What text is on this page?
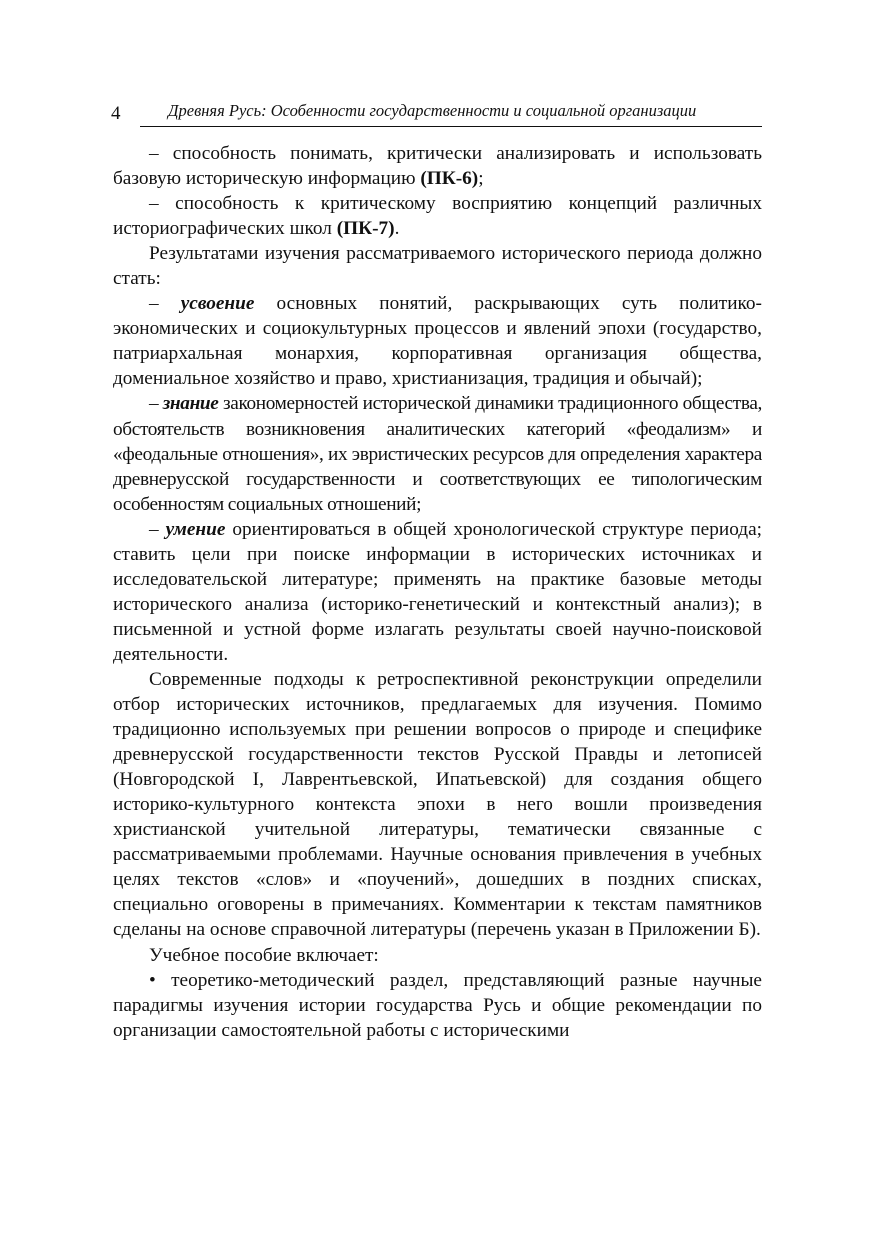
4	Древняя Русь: Особенности государственности и социальной организации

– способность понимать, критически анализировать и использовать базовую историческую информацию (ПК-6);

– способность к критическому восприятию концепций различных историографических школ (ПК-7).

Результатами изучения рассматриваемого исторического периода должно стать:

– усвоение основных понятий, раскрывающих суть политико-экономических и социокультурных процессов и явлений эпохи (государство, патриархальная монархия, корпоративная организация общества, домениальное хозяйство и право, христианизация, традиция и обычай);

– знание закономерностей исторической динамики традиционного общества, обстоятельств возникновения аналитических категорий «феодализм» и «феодальные отношения», их эвристических ресурсов для определения характера древнерусской государственности и соответствующих ее типологическим особенностям социальных отношений;

– умение ориентироваться в общей хронологической структуре периода; ставить цели при поиске информации в исторических источниках и исследовательской литературе; применять на практике базовые методы исторического анализа (историко-генетический и контекстный анализ); в письменной и устной форме излагать результаты своей научно-поисковой деятельности.

Современные подходы к ретроспективной реконструкции определили отбор исторических источников, предлагаемых для изучения. Помимо традиционно используемых при решении вопросов о природе и специфике древнерусской государственности текстов Русской Правды и летописей (Новгородской I, Лаврентьевской, Ипатьевской) для создания общего историко-культурного контекста эпохи в него вошли произведения христианской учительной литературы, тематически связанные с рассматриваемыми проблемами. Научные основания привлечения в учебных целях текстов «слов» и «поучений», дошедших в поздних списках, специально оговорены в примечаниях. Комментарии к текстам памятников сделаны на основе справочной литературы (перечень указан в Приложении Б).

Учебное пособие включает:

• теоретико-методический раздел, представляющий разные научные парадигмы изучения истории государства Русь и общие рекомендации по организации самостоятельной работы с историческими
